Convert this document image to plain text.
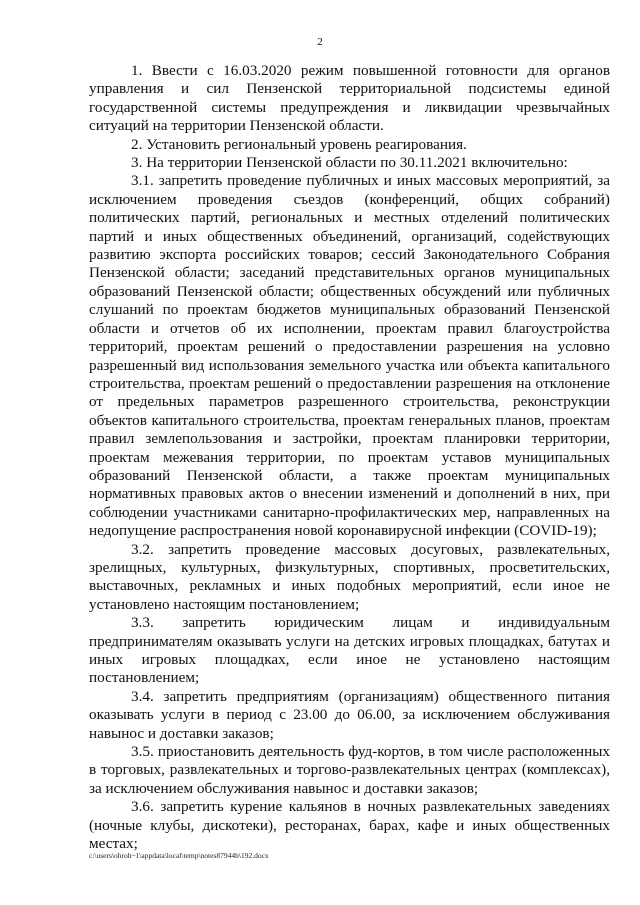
2

1. Ввести с 16.03.2020 режим повышенной готовности для органов управления и сил Пензенской территориальной подсистемы единой государственной системы предупреждения и ликвидации чрезвычайных ситуаций на территории Пензенской области.

2. Установить региональный уровень реагирования.

3. На территории Пензенской области по 30.11.2021 включительно:

3.1. запретить проведение публичных и иных массовых мероприятий, за исключением проведения съездов (конференций, общих собраний) политических партий, региональных и местных отделений политических партий и иных общественных объединений, организаций, содействующих развитию экспорта российских товаров; сессий Законодательного Собрания Пензенской области; заседаний представительных органов муниципальных образований Пензенской области; общественных обсуждений или публичных слушаний по проектам бюджетов муниципальных образований Пензенской области и отчетов об их исполнении, проектам правил благоустройства территорий, проектам решений о предоставлении разрешения на условно разрешенный вид использования земельного участка или объекта капитального строительства, проектам решений о предоставлении разрешения на отклонение от предельных параметров разрешенного строительства, реконструкции объектов капитального строительства, проектам генеральных планов, проектам правил землепользования и застройки, проектам планировки территории, проектам межевания территории, по проектам уставов муниципальных образований Пензенской области, а также проектам муниципальных нормативных правовых актов о внесении изменений и дополнений в них, при соблюдении участниками санитарно-профилактических мер, направленных на недопущение распространения новой коронавирусной инфекции (COVID-19);

3.2. запретить проведение массовых досуговых, развлекательных, зрелищных, культурных, физкультурных, спортивных, просветительских, выставочных, рекламных и иных подобных мероприятий, если иное не установлено настоящим постановлением;

3.3. запретить юридическим лицам и индивидуальным предпринимателям оказывать услуги на детских игровых площадках, батутах и иных игровых площадках, если иное не установлено настоящим постановлением;

3.4. запретить предприятиям (организациям) общественного питания оказывать услуги в период с 23.00 до 06.00, за исключением обслуживания навынос и доставки заказов;

3.5. приостановить деятельность фуд-кортов, в том числе расположенных в торговых, развлекательных и торгово-развлекательных центрах (комплексах), за исключением обслуживания навынос и доставки заказов;

3.6. запретить курение кальянов в ночных развлекательных заведениях (ночные клубы, дискотеки), ресторанах, барах, кафе и иных общественных местах;

c:\users\ohroh~1\appdata\local\temp\notes87944b\192.docx
